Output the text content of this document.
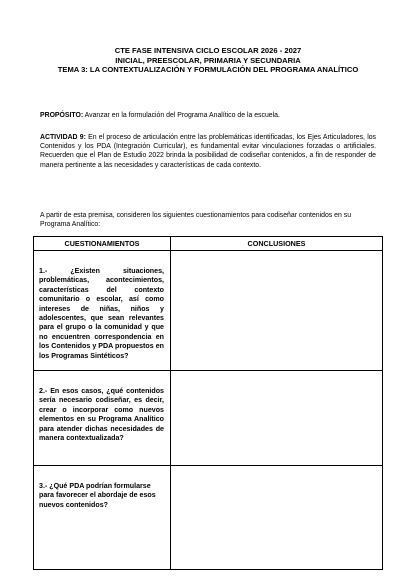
CTE FASE INTENSIVA CICLO ESCOLAR 2026 - 2027
INICIAL, PREESCOLAR, PRIMARIA Y SECUNDARIA
TEMA 3: LA CONTEXTUALIZACIÓN Y FORMULACIÓN DEL PROGRAMA ANALÍTICO
PROPÓSITO: Avanzar en la formulación del Programa Analítico de la escuela.
ACTIVIDAD 9: En el proceso de articulación entre las problemáticas identificadas, los Ejes Articuladores, los Contenidos y los PDA (Integración Curricular), es fundamental evitar vinculaciones forzadas o artificiales. Recuerden que el Plan de Estudio 2022 brinda la posibilidad de codiseñar contenidos, a fin de responder de manera pertinente a las necesidades y características de cada contexto.
A partir de esta premisa, consideren los siguientes cuestionamientos para codiseñar contenidos en su Programa Analítico:
CUESTIONAMIENTOS	CONCLUSIONES
1.- ¿Existen situaciones, problemáticas, acontecimientos, características del contexto comunitario o escolar, así como intereses de niñas, niños y adolescentes, que sean relevantes para el grupo o la comunidad y que no encuentren correspondencia en los Contenidos y PDA propuestos en los Programas Sintéticos?	
2.- En esos casos, ¿qué contenidos sería necesario codiseñar, es decir, crear o incorporar como nuevos elementos en su Programa Analítico para atender dichas necesidades de manera contextualizada?	
3.- ¿Qué PDA podrían formularse para favorecer el abordaje de esos nuevos contenidos?	
